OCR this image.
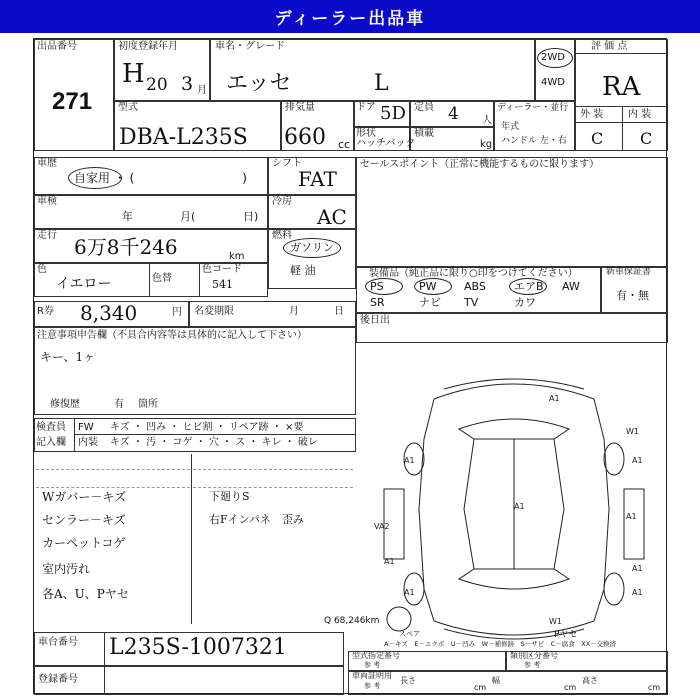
ディーラー出品車
出品番号
271
初度登録年月
H 20 3 月
車名・グレード
エッセ	L
2WD
4WD
評 価 点
RA
外 装 内 装
C C
型式
DBA-L235S
排気量
660 cc
ドア 5D 定員 4 人
ディーラー・並行
年式
ハンドル 左・右
形状
ハッチバック
積載
kg
車歴
自家用 ・ (　　　　　　　　　)
シフト
FAT
車検
年	月(	日)
冷房
AC
走行 6万8千246	km
燃料
ガソリン
軽 油
色
イエロー	色替
色コード
541
R券 8,340	円 名変期限	月	日
注意事項申告欄（不具合内容等は具体的に記入して下さい）
キー、1ヶ
修復歴	有 箇所
検査員
記入欄
FW キズ ・ 凹み ・ ヒビ割 ・ リペア跡 ・ ×要
内装 キズ ・ 汚 ・ コゲ ・ 穴 ・ ス ・ キレ ・ 破レ
セールスポイント（正常に機能するものに限ります）
装備品（純正品に限り○印をつけてください）
PS	PW ABS	エアB AW
SR	ナビ TV	カワ
新車保証書
有・無
後日出
Wガバー－キズ
センラー－キズ
カーペットコゲ
室内汚れ
各A、U、Pヤセ
下廻りS
右Fインパネ　歪み
A1
W1
A1	A1
A1
A1
VA2
A1
A1
W1
A1
A1
Q 68,246km
スペア	Pヤセ
A－キズ　E－エクボ　U－凹み　W－補修跡　S－サビ　C－腐食　XX－交換済
車台番号 L235S-1007321
登録番号
型式指定番号
参 考
類別区分番号
参 考
車両証明用
参 考
長さ
cm
幅
cm
高さ
cm
